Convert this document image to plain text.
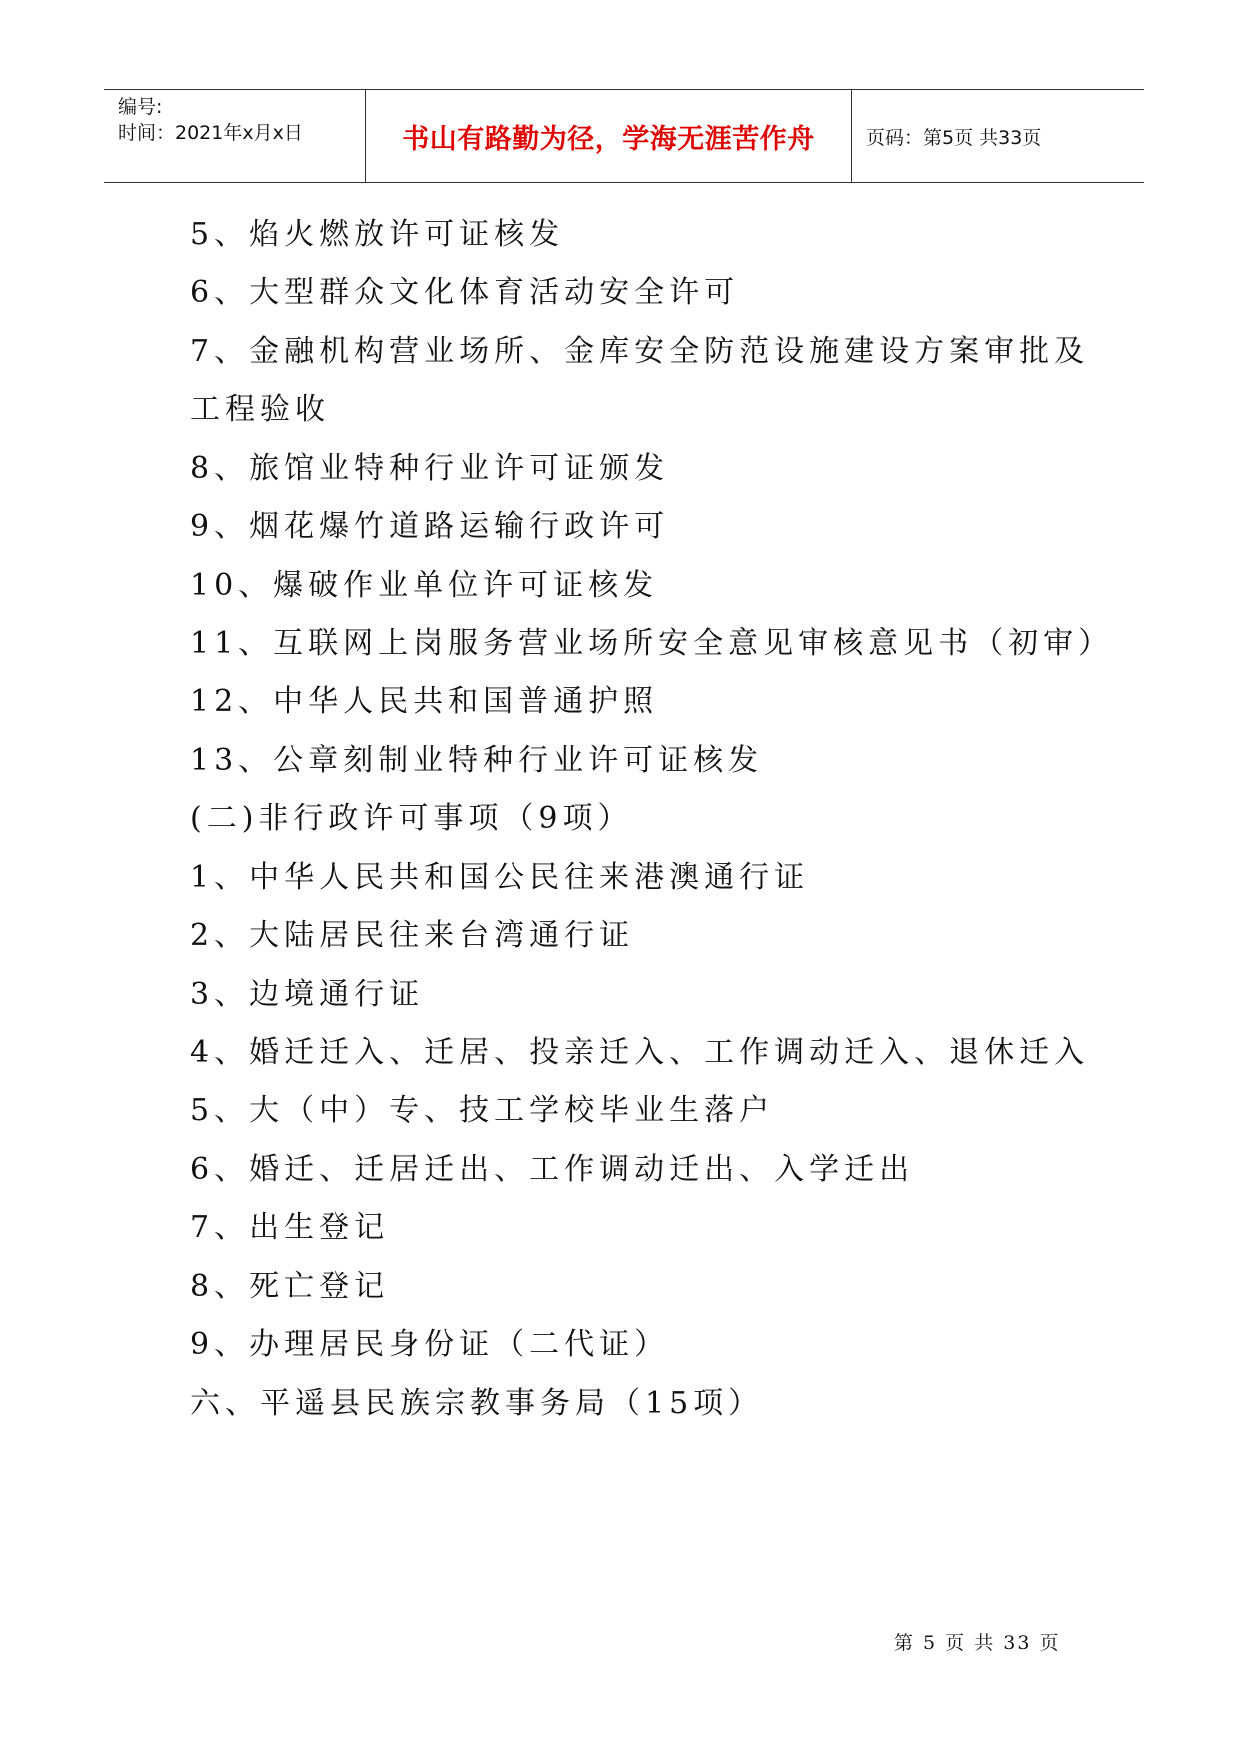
编号:
时间：2021年x月x日	书山有路勤为径，学海无涯苦作舟	页码：第5页 共33页
5、焰火燃放许可证核发
6、大型群众文化体育活动安全许可
7、金融机构营业场所、金库安全防范设施建设方案审批及
工程验收
8、旅馆业特种行业许可证颁发
9、烟花爆竹道路运输行政许可
10、爆破作业单位许可证核发
11、互联网上岗服务营业场所安全意见审核意见书（初审）
12、中华人民共和国普通护照
13、公章刻制业特种行业许可证核发
(二)非行政许可事项（9项）
1、中华人民共和国公民往来港澳通行证
2、大陆居民往来台湾通行证
3、边境通行证
4、婚迁迁入、迁居、投亲迁入、工作调动迁入、退休迁入
5、大（中）专、技工学校毕业生落户
6、婚迁、迁居迁出、工作调动迁出、入学迁出
7、出生登记
8、死亡登记
9、办理居民身份证（二代证）
六、平遥县民族宗教事务局（15项）
第 5 页 共 33 页
